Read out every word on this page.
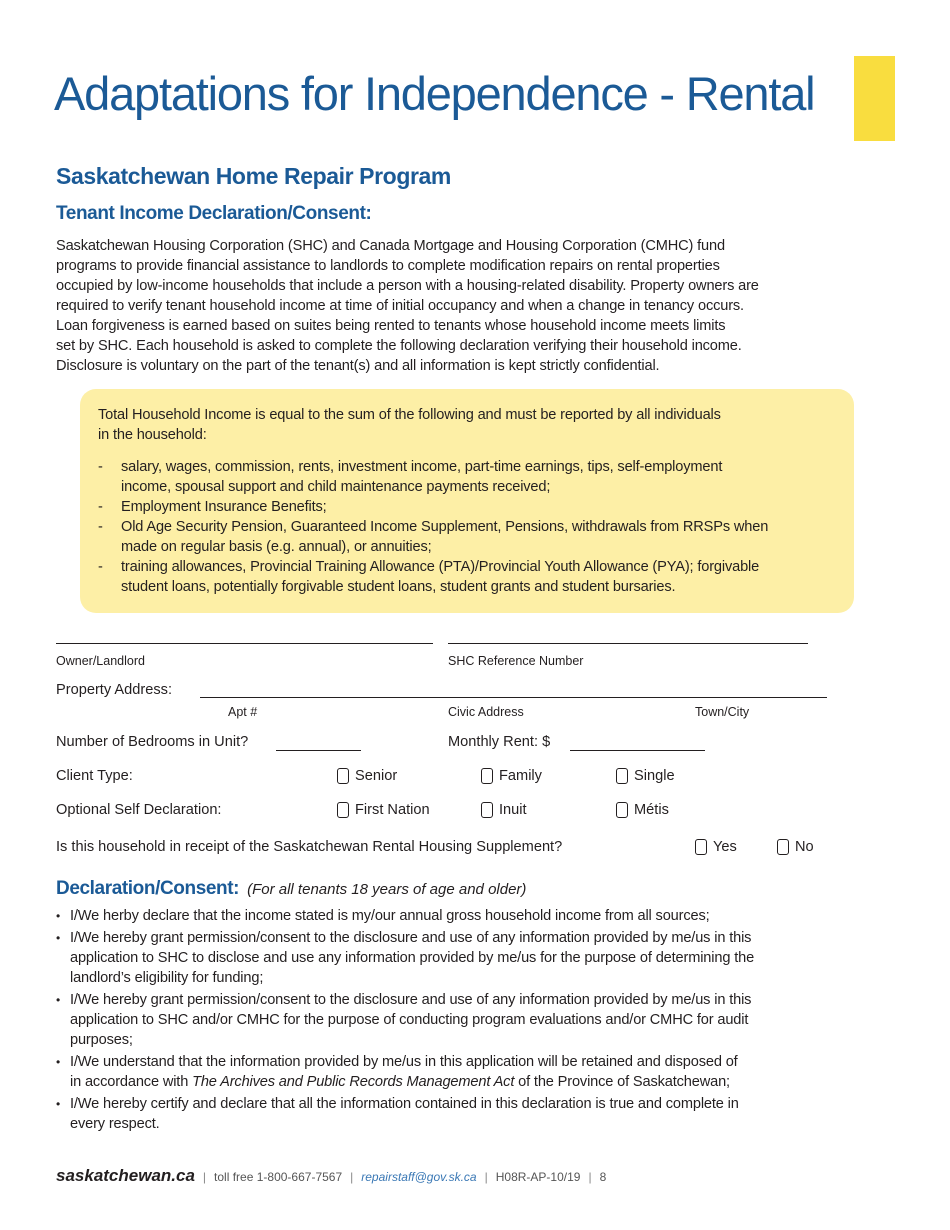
Adaptations for Independence - Rental
Saskatchewan Home Repair Program
Tenant Income Declaration/Consent:
Saskatchewan Housing Corporation (SHC) and Canada Mortgage and Housing Corporation (CMHC) fund
programs to provide financial assistance to landlords to complete modification repairs on rental properties
occupied by low-income households that include a person with a housing-related disability. Property owners are
required to verify tenant household income at time of initial occupancy and when a change in tenancy occurs.
Loan forgiveness is earned based on suites being rented to tenants whose household income meets limits
set by SHC. Each household is asked to complete the following declaration verifying their household income.
Disclosure is voluntary on the part of the tenant(s) and all information is kept strictly confidential.
Total Household Income is equal to the sum of the following and must be reported by all individuals
in the household:
-	salary, wages, commission, rents, investment income, part-time earnings, tips, self-employment
income, spousal support and child maintenance payments received;
-	Employment Insurance Benefits;
-	Old Age Security Pension, Guaranteed Income Supplement, Pensions, withdrawals from RRSPs when
made on regular basis (e.g. annual), or annuities;
-	training allowances, Provincial Training Allowance (PTA)/Provincial Youth Allowance (PYA); forgivable
student loans, potentially forgivable student loans, student grants and student bursaries.
Owner/Landlord	SHC Reference Number
Property Address:
Apt #	Civic Address	Town/City
Number of Bedrooms in Unit?	Monthly Rent: $
Client Type:	Senior	Family	Single
Optional Self Declaration:	First Nation	Inuit	Métis
Is this household in receipt of the Saskatchewan Rental Housing Supplement?	Yes	No
Declaration/Consent: (For all tenants 18 years of age and older)
•
I/We herby declare that the income stated is my/our annual gross household income from all sources;
•
I/We hereby grant permission/consent to the disclosure and use of any information provided by me/us in this
application to SHC to disclose and use any information provided by me/us for the purpose of determining the
landlord’s eligibility for funding;
•
I/We hereby grant permission/consent to the disclosure and use of any information provided by me/us in this
application to SHC and/or CMHC for the purpose of conducting program evaluations and/or CMHC for audit
purposes;
•
I/We understand that the information provided by me/us in this application will be retained and disposed of
in accordance with The Archives and Public Records Management Act of the Province of Saskatchewan;
•
I/We hereby certify and declare that all the information contained in this declaration is true and complete in
every respect.
saskatchewan.ca | toll free 1-800-667-7567 | repairstaff@gov.sk.ca | H08R-AP-10/19 | 8
